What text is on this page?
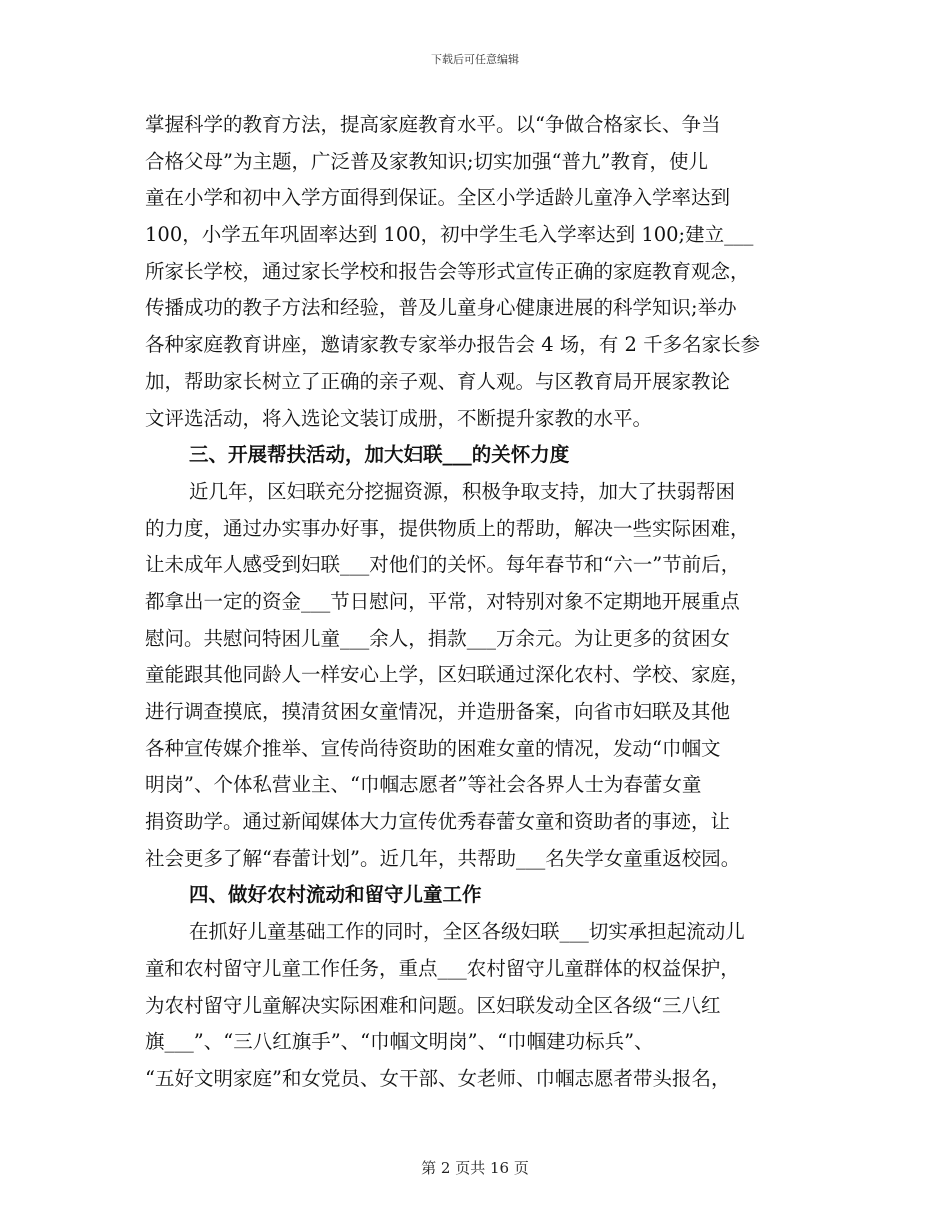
下载后可任意编辑
掌握科学的教育方法，提高家庭教育水平。以“争做合格家长、争当
合格父母”为主题，广泛普及家教知识;切实加强“普九”教育，使儿
童在小学和初中入学方面得到保证。全区小学适龄儿童净入学率达到
100，小学五年巩固率达到 100，初中学生毛入学率达到 100;建立___
所家长学校，通过家长学校和报告会等形式宣传正确的家庭教育观念，
传播成功的教子方法和经验，普及儿童身心健康进展的科学知识;举办
各种家庭教育讲座，邀请家教专家举办报告会 4 场，有 2 千多名家长参
加，帮助家长树立了正确的亲子观、育人观。与区教育局开展家教论
文评选活动，将入选论文装订成册，不断提升家教的水平。
三、开展帮扶活动，加大妇联___的关怀力度
近几年，区妇联充分挖掘资源，积极争取支持，加大了扶弱帮困
的力度，通过办实事办好事，提供物质上的帮助，解决一些实际困难，
让未成年人感受到妇联___对他们的关怀。每年春节和“六一”节前后，
都拿出一定的资金___节日慰问，平常，对特别对象不定期地开展重点
慰问。共慰问特困儿童___余人，捐款___万余元。为让更多的贫困女
童能跟其他同龄人一样安心上学，区妇联通过深化农村、学校、家庭，
进行调查摸底，摸清贫困女童情况，并造册备案，向省市妇联及其他
各种宣传媒介推举、宣传尚待资助的困难女童的情况，发动“巾帼文
明岗”、个体私营业主、“巾帼志愿者”等社会各界人士为春蕾女童
捐资助学。通过新闻媒体大力宣传优秀春蕾女童和资助者的事迹，让
社会更多了解“春蕾计划”。近几年，共帮助___名失学女童重返校园。
四、做好农村流动和留守儿童工作
在抓好儿童基础工作的同时，全区各级妇联___切实承担起流动儿
童和农村留守儿童工作任务，重点___农村留守儿童群体的权益保护，
为农村留守儿童解决实际困难和问题。区妇联发动全区各级“三八红
旗___”、“三八红旗手”、“巾帼文明岗”、“巾帼建功标兵”、
“五好文明家庭”和女党员、女干部、女老师、巾帼志愿者带头报名，
第 2 页共 16 页
